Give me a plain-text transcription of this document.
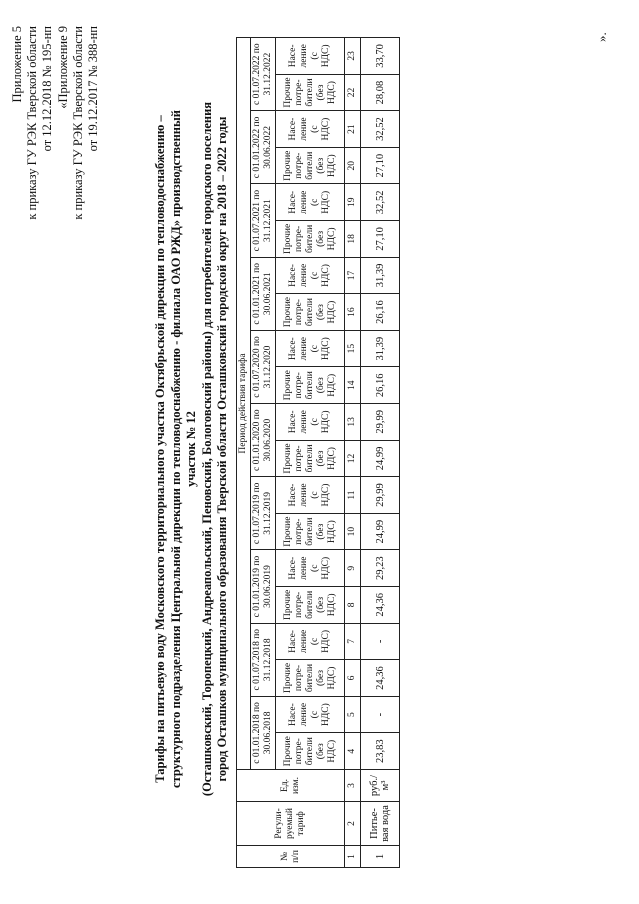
Приложение 5 к приказу ГУ РЭК Тверской области от 12.12.2018 № 195-нп «Приложение 9 к приказу ГУ РЭК Тверской области от 19.12.2017 № 388-нп
Тарифы на питьевую воду Московского территориального участка Октябрьской дирекции по тепловодоснабжению – структурного подразделения Центральной дирекции по тепловодоснабжению - филиала ОАО РЖД» производственный участок № 12 (Осташковский, Торопецкий, Андреапольский, Пеновский, Бологовский районы) для потребителей городского поселения город Осташков муниципального образования Тверской области Осташковский городской округ на 2018 – 2022 годы
№ п/п	Регули-руемый тариф	Ед. изм.	Период действия тарифа																			
			с 01.01.2018 по 30.06.2018		с 01.07.2018 по 31.12.2018		с 01.01.2019 по 30.06.2019		с 01.07.2019 по 31.12.2019		с 01.01.2020 по 30.06.2020		с 01.07.2020 по 31.12.2020		с 01.01.2021 по 30.06.2021		с 01.07.2021 по 31.12.2021		с 01.01.2022 по 30.06.2022		с 01.07.2022 по 31.12.2022	
			Прочие потре-бители (без НДС)	Насе-ление (с НДС)	Прочие потре-бители (без НДС)	Насе-ление (с НДС)	Прочие потре-бители (без НДС)	Насе-ление (с НДС)	Прочие потре-бители (без НДС)	Насе-ление (с НДС)	Прочие потре-бители (без НДС)	Насе-ление (с НДС)	Прочие потре-бители (без НДС)	Насе-ление (с НДС)	Прочие потре-бители (без НДС)	Насе-ление (с НДС)	Прочие потре-бители (без НДС)	Насе-ление (с НДС)	Прочие потре-бители (без НДС)	Насе-ление (с НДС)	Прочие потре-бители (без НДС)	Насе-ление (с НДС)
1	2	3	4	5	6	7	8	9	10	11	12	13	14	15	16	17	18	19	20	21	22	23
1	Питье-вая вода	руб./м³	23,83	-	24,36	-	24,36	29,23	24,99	29,99	24,99	29,99	26,16	31,39	26,16	31,39	27,10	32,52	27,10	32,52	28,08	33,70
».
